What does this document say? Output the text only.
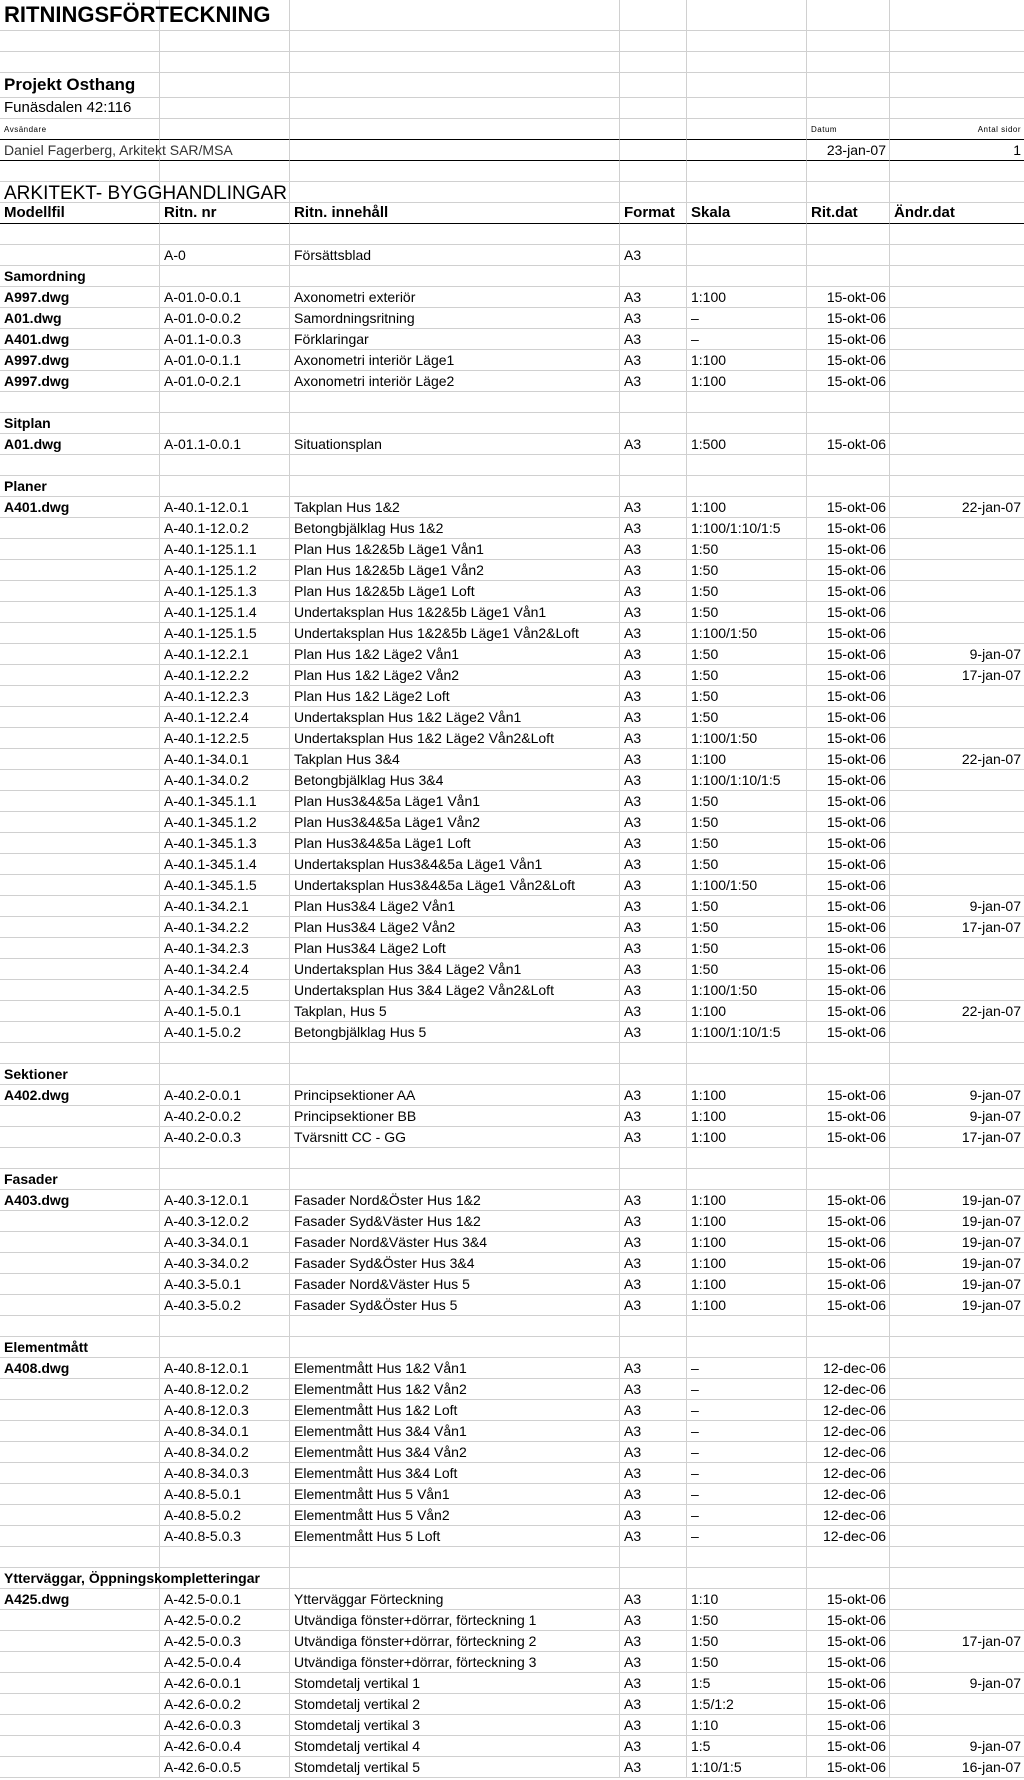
RITNINGSFÖRTECKNING
Projekt Osthang
Funäsdalen 42:116
Avsändare	Datum	Antal sidor
Daniel Fagerberg, Arkitekt SAR/MSA	23-jan-07	1
ARKITEKT- BYGGHANDLINGAR
Modellfil	Ritn. nr	Ritn. innehåll	Format	Skala	Rit.dat	Ändr.dat
A-0	Försättsblad	A3
Samordning
A997.dwg	A-01.0-0.0.1	Axonometri exteriör	A3	1:100	15-okt-06
A01.dwg	A-01.0-0.0.2	Samordningsritning	A3	–	15-okt-06
A401.dwg	A-01.1-0.0.3	Förklaringar	A3	–	15-okt-06
A997.dwg	A-01.0-0.1.1	Axonometri interiör Läge1	A3	1:100	15-okt-06
A997.dwg	A-01.0-0.2.1	Axonometri interiör Läge2	A3	1:100	15-okt-06
Sitplan
A01.dwg	A-01.1-0.0.1	Situationsplan	A3	1:500	15-okt-06
Planer
A401.dwg	A-40.1-12.0.1	Takplan Hus 1&2	A3	1:100	15-okt-06	22-jan-07
A-40.1-12.0.2	Betongbjälklag Hus 1&2	A3	1:100/1:10/1:5	15-okt-06
A-40.1-125.1.1	Plan Hus 1&2&5b Läge1 Vån1	A3	1:50	15-okt-06
A-40.1-125.1.2	Plan Hus 1&2&5b Läge1 Vån2	A3	1:50	15-okt-06
A-40.1-125.1.3	Plan Hus 1&2&5b Läge1 Loft	A3	1:50	15-okt-06
A-40.1-125.1.4	Undertaksplan Hus 1&2&5b Läge1 Vån1	A3	1:50	15-okt-06
A-40.1-125.1.5	Undertaksplan Hus 1&2&5b Läge1 Vån2&Loft	A3	1:100/1:50	15-okt-06
A-40.1-12.2.1	Plan Hus 1&2 Läge2 Vån1	A3	1:50	15-okt-06	9-jan-07
A-40.1-12.2.2	Plan Hus 1&2 Läge2 Vån2	A3	1:50	15-okt-06	17-jan-07
A-40.1-12.2.3	Plan Hus 1&2 Läge2 Loft	A3	1:50	15-okt-06
A-40.1-12.2.4	Undertaksplan Hus 1&2 Läge2 Vån1	A3	1:50	15-okt-06
A-40.1-12.2.5	Undertaksplan Hus 1&2 Läge2 Vån2&Loft	A3	1:100/1:50	15-okt-06
A-40.1-34.0.1	Takplan Hus 3&4	A3	1:100	15-okt-06	22-jan-07
A-40.1-34.0.2	Betongbjälklag Hus 3&4	A3	1:100/1:10/1:5	15-okt-06
A-40.1-345.1.1	Plan Hus3&4&5a Läge1 Vån1	A3	1:50	15-okt-06
A-40.1-345.1.2	Plan Hus3&4&5a Läge1 Vån2	A3	1:50	15-okt-06
A-40.1-345.1.3	Plan Hus3&4&5a Läge1 Loft	A3	1:50	15-okt-06
A-40.1-345.1.4	Undertaksplan Hus3&4&5a Läge1 Vån1	A3	1:50	15-okt-06
A-40.1-345.1.5	Undertaksplan Hus3&4&5a Läge1 Vån2&Loft	A3	1:100/1:50	15-okt-06
A-40.1-34.2.1	Plan Hus3&4 Läge2 Vån1	A3	1:50	15-okt-06	9-jan-07
A-40.1-34.2.2	Plan Hus3&4 Läge2 Vån2	A3	1:50	15-okt-06	17-jan-07
A-40.1-34.2.3	Plan Hus3&4 Läge2 Loft	A3	1:50	15-okt-06
A-40.1-34.2.4	Undertaksplan Hus 3&4 Läge2 Vån1	A3	1:50	15-okt-06
A-40.1-34.2.5	Undertaksplan Hus 3&4 Läge2 Vån2&Loft	A3	1:100/1:50	15-okt-06
A-40.1-5.0.1	Takplan, Hus 5	A3	1:100	15-okt-06	22-jan-07
A-40.1-5.0.2	Betongbjälklag Hus 5	A3	1:100/1:10/1:5	15-okt-06
Sektioner
A402.dwg	A-40.2-0.0.1	Principsektioner AA	A3	1:100	15-okt-06	9-jan-07
A-40.2-0.0.2	Principsektioner BB	A3	1:100	15-okt-06	9-jan-07
A-40.2-0.0.3	Tvärsnitt CC - GG	A3	1:100	15-okt-06	17-jan-07
Fasader
A403.dwg	A-40.3-12.0.1	Fasader Nord&Öster Hus 1&2	A3	1:100	15-okt-06	19-jan-07
A-40.3-12.0.2	Fasader Syd&Väster Hus 1&2	A3	1:100	15-okt-06	19-jan-07
A-40.3-34.0.1	Fasader Nord&Väster Hus 3&4	A3	1:100	15-okt-06	19-jan-07
A-40.3-34.0.2	Fasader Syd&Öster Hus 3&4	A3	1:100	15-okt-06	19-jan-07
A-40.3-5.0.1	Fasader Nord&Väster Hus 5	A3	1:100	15-okt-06	19-jan-07
A-40.3-5.0.2	Fasader Syd&Öster Hus 5	A3	1:100	15-okt-06	19-jan-07
Elementmått
A408.dwg	A-40.8-12.0.1	Elementmått Hus 1&2 Vån1	A3	–	12-dec-06
A-40.8-12.0.2	Elementmått Hus 1&2 Vån2	A3	–	12-dec-06
A-40.8-12.0.3	Elementmått Hus 1&2 Loft	A3	–	12-dec-06
A-40.8-34.0.1	Elementmått Hus 3&4 Vån1	A3	–	12-dec-06
A-40.8-34.0.2	Elementmått Hus 3&4 Vån2	A3	–	12-dec-06
A-40.8-34.0.3	Elementmått Hus 3&4 Loft	A3	–	12-dec-06
A-40.8-5.0.1	Elementmått Hus 5 Vån1	A3	–	12-dec-06
A-40.8-5.0.2	Elementmått Hus 5 Vån2	A3	–	12-dec-06
A-40.8-5.0.3	Elementmått Hus 5 Loft	A3	–	12-dec-06
Ytterväggar, Öppningskompletteringar
A425.dwg	A-42.5-0.0.1	Ytterväggar Förteckning	A3	1:10	15-okt-06
A-42.5-0.0.2	Utvändiga fönster+dörrar, förteckning 1	A3	1:50	15-okt-06
A-42.5-0.0.3	Utvändiga fönster+dörrar, förteckning 2	A3	1:50	15-okt-06	17-jan-07
A-42.5-0.0.4	Utvändiga fönster+dörrar, förteckning 3	A3	1:50	15-okt-06
A-42.6-0.0.1	Stomdetalj vertikal 1	A3	1:5	15-okt-06	9-jan-07
A-42.6-0.0.2	Stomdetalj vertikal 2	A3	1:5/1:2	15-okt-06
A-42.6-0.0.3	Stomdetalj vertikal 3	A3	1:10	15-okt-06
A-42.6-0.0.4	Stomdetalj vertikal 4	A3	1:5	15-okt-06	9-jan-07
A-42.6-0.0.5	Stomdetalj vertikal 5	A3	1:10/1:5	15-okt-06	16-jan-07
